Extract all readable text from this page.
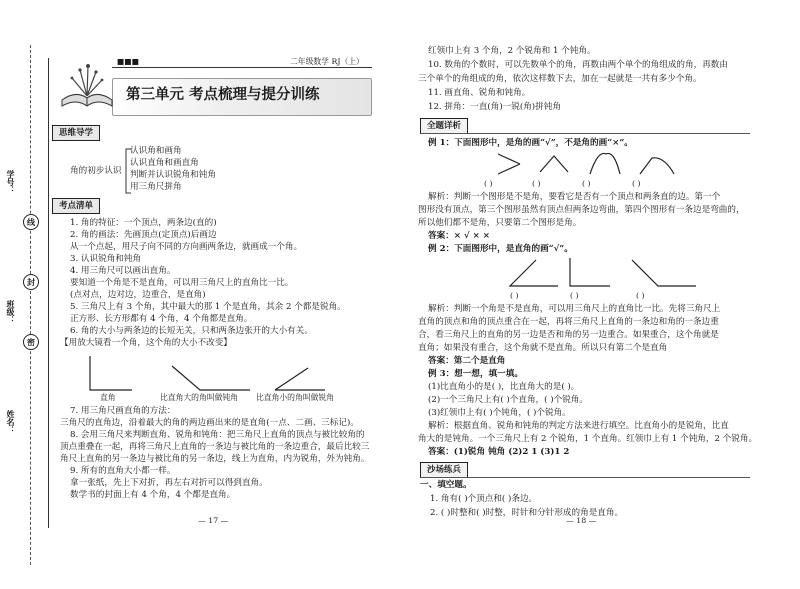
学号：
班级：
姓名：
线
封
密
■■■	二年级数学 RJ（上）
第三单元 考点梳理与提分训练
思维导学
角的初步认识
认识角和画角
认识直角和画直角
判断并认识锐角和钝角
用三角尺拼角
考点清单
1. 角的特征：一个顶点，两条边(直的)
2. 角的画法：先画顶点(定顶点)后画边
从一个点起，用尺子向不同的方向画两条边，就画成一个角。
3. 认识锐角和钝角
4. 用三角尺可以画出直角。
要知道一个角是不是直角，可以用三角尺上的直角比一比。
(点对点，边对边，边重合，是直角)
5. 三角尺上有 3 个角，其中最大的那 1 个是直角，其余 2 个都是锐角。
正方形、长方形都有 4 个角，4 个角都是直角。
6. 角的大小与两条边的长短无关，只和两条边张开的大小有关。
【用放大镜看一个角，这个角的大小不改变】
直角	比直角大的角叫做钝角 比直角小的角叫做锐角
7. 用三角尺画直角的方法：
三角尺的直角边，沿着最大的角的两边画出来的是直角(一点、二画、三标记)。
8. 会用三角尺来判断直角、锐角和钝角：把三角尺上直角的顶点与被比较角的
顶点重叠在一起，再将三角尺上直角的一条边与被比角的一条边重合，最后比较三
角尺上直角的另一条边与被比角的另一条边，线上为直角，内为锐角，外为钝角。
9. 所有的直角大小都一样。
拿一张纸，先上下对折，再左右对折可以得到直角。
数学书的封面上有 4 个角，4 个都是直角。
— 17 —
红领巾上有 3 个角，2 个锐角和 1 个钝角。
10. 数角的个数时，可以先数单个的角，再数由两个单个的角组成的角，再数由
三个单个的角组成的角，依次这样数下去，加在一起就是一共有多少个角。
11. 画直角、锐角和钝角。
12. 拼角：一直(角)一锐(角)拼钝角
全题详析
例 1：下面图形中，是角的画“√”，不是角的画“×”。
( )	( )	( )	( )
解析：判断一个图形是不是角，要看它是否有一个顶点和两条直的边。第一个
图形没有顶点，第三个图形虽然有顶点但两条边弯曲，第四个图形有一条边是弯曲的，
所以他们都不是角，只要第二个图形是角。
答案：× √ × ×
例 2：下面图形中，是直角的画“√”。
( )	( )	( )
解析：判断一个角是不是直角，可以用三角尺上的直角比一比。先将三角尺上
直角的顶点和角的顶点重合在一起，再将三角尺上直角的一条边和角的一条边重
合，看三角尺上的直角的另一边是否和角的另一边重合。如果重合，这个角就是
直角；如果没有重合，这个角就不是直角。所以只有第二个是直角
答案：第二个是直角
例 3：想一想，填一填。
(1)比直角小的是( )，比直角大的是( )。
(2)一个三角尺上有( )个直角，( )个锐角。
(3)红领巾上有( )个钝角，( )个锐角。
解析：根据直角、锐角和钝角的判定方法来进行填空。比直角小的是锐角，比直
角大的是钝角。一个三角尺上有 2 个锐角，1 个直角。红领巾上有 1 个钝角，2 个锐角。
答案：(1)锐角 钝角 (2)2 1 (3)1 2
沙场练兵
一、填空题。
1. 角有( )个顶点和( )条边。
2. ( )时整和( )时整，时针和分针形成的角是直角。
— 18 —
